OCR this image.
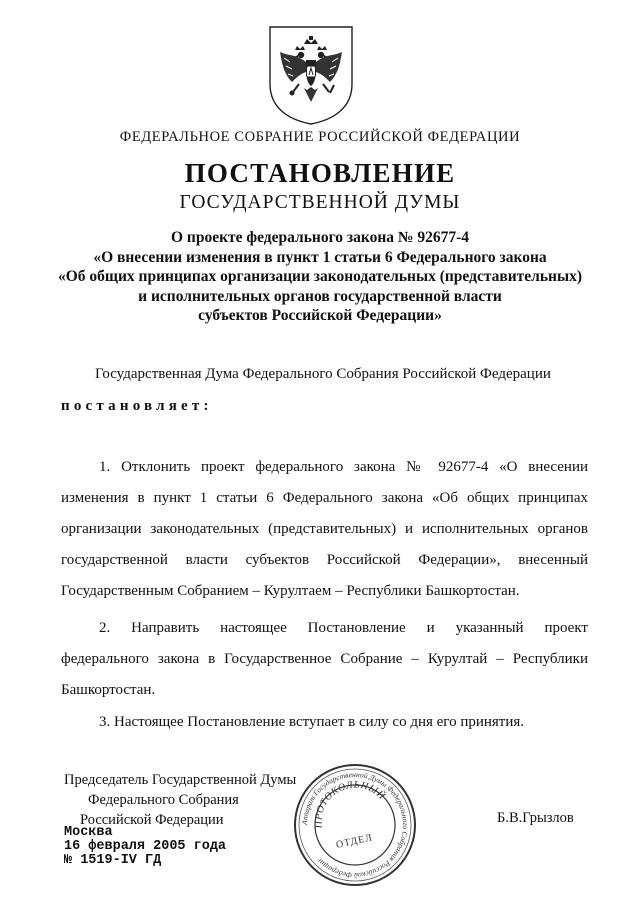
ФЕДЕРАЛЬНОЕ СОБРАНИЕ РОССИЙСКОЙ ФЕДЕРАЦИИ
ПОСТАНОВЛЕНИЕ
ГОСУДАРСТВЕННОЙ ДУМЫ
О проекте федерального закона № 92677-4
«О внесении изменения в пункт 1 статьи 6 Федерального закона
«Об общих принципах организации законодательных (представительных)
и исполнительных органов государственной власти
субъектов Российской Федерации»
Государственная Дума Федерального Собрания Российской Федерации
постановляет:
1. Отклонить проект федерального закона № 92677-4 «О внесении
изменения в пункт 1 статьи 6 Федерального закона «Об общих принципах
организации законодательных (представительных) и исполнительных органов
государственной власти субъектов Российской Федерации», внесенный
Государственным Собранием – Курултаем – Республики Башкортостан.
2. Направить настоящее Постановление и указанный проект
федерального закона в Государственное Собрание – Курултай – Республики
Башкортостан.
3. Настоящее Постановление вступает в силу со дня его принятия.
Председатель Государственной Думы
Федерального Собрания
Российской Федерации	Б.В.Грызлов
Аппарат Государственной Думы Федерального Собрания Российской Федерации
ПРОТОКОЛЬНЫЙ
ОТДЕЛ
Москва
16 февраля 2005 года
№ 1519-IV ГД
